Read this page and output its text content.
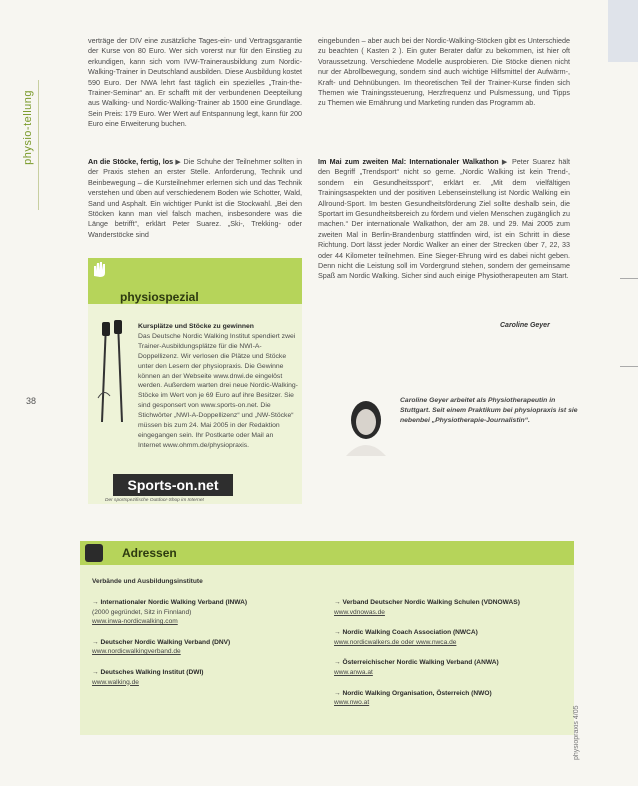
physio-tellung
38

verträge der DIV eine zusätzliche Tages-ein- und Vertragsgarantie der Kurse von 80 Euro. Wer sich vorerst nur für den Einstieg zu erkundigen, kann sich vom IVW-Trainerausbildung zum Nordic-Walking-Trainer in Deutschland ausbilden. Diese Ausbildung kostet 590 Euro. Der NWA lehrt fast täglich ein spezielles „Train-the-Trainer-Seminar“ an. Er schafft mit der verbundenen Deepteilung aus Walking- und Nordic-Walking-Trainer ab 1500 eine Grundlage. Sein Preis: 179 Euro. Wer Wert auf Entspannung legt, kann für 200 Euro eine Erweiterung buchen.

eingebunden – aber auch bei der Nordic-Walking-Stöcken gibt es Unterschiede zu beachten ( Kasten 2 ). Ein guter Berater dafür zu bekommen, ist hier oft Voraussetzung. Verschiedene Modelle ausprobieren. Die Stöcke dienen nicht nur der Abrollbewegung, sondern sind auch wichtige Hilfsmittel der Aufwärm-, Kraft- und Dehnübungen. Im theoretischen Teil der Trainer-Kurse finden sich Themen wie Trainingssteuerung, Herzfrequenz und Pulsmessung, und Tipps zu Themen wie Ernährung und Marketing runden das Programm ab.

An die Stöcke, fertig, los ▶ Die Schuhe der Teilnehmer sollten in der Praxis stehen an erster Stelle. Anforderung, Technik und Beinbewegung – die Kursteilnehmer erlernen sich und das Technik verstehen und üben auf verschiedenem Boden wie Schotter, Wald, Sand und Asphalt. Ein wichtiger Punkt ist die Stockwahl. „Bei den Stöcken kann man viel falsch machen, insbesondere was die Länge betrifft“, erklärt Peter Suarez. „Ski-, Trekking- oder Wanderstöcke sind

Im Mai zum zweiten Mal: Internationaler Walkathon ▶ Peter Suarez hält den Begriff „Trendsport“ nicht so gerne. „Nordic Walking ist kein Trend-, sondern ein Gesundheitssport“, erklärt er. „Mit dem vielfältigen Trainingsaspekten und der positiven Lebenseinstellung ist Nordic Walking ein Allround-Sport. Im besten Gesundheitsförderung Ziel sollte deshalb sein, die Sportart im Gesundheitsbereich zu fördern und vielen Menschen zugänglich zu machen.“ Der internationale Walkathon, der am 28. und 29. Mai 2005 zum zweiten Mal in Berlin-Brandenburg stattfinden wird, ist ein Schritt in diese Richtung. Dort lässt jeder Nordic Walker an einer der Strecken über 7, 22, 33 oder 44 Kilometer teilnehmen. Eine Sieger-Ehrung wird es dabei nicht geben. Denn nicht die Leistung soll im Vordergrund stehen, sondern der gemeinsame Spaß am Nordic Walking. Sicher sind auch einige Physiotherapeuten am Start.

Caroline Geyer
physiospezial
Kursplätze und Stöcke zu gewinnen
Das Deutsche Nordic Walking Institut spendiert zwei Trainer-Ausbildungsplätze für die NWI-A-Doppellizenz. Wir verlosen die Plätze und Stöcke unter den Lesern der physiopraxis. Die Gewinne können an der Webseite www.dnwi.de eingelöst werden. Außerdem warten drei neue Nordic-Walking-Stöcke im Wert von je 69 Euro auf ihre Besitzer. Sie sind gesponsert von www.sports-on.net. Die Stichwörter „NWI-A-Doppellizenz“ und „NW-Stöcke“ müssen bis zum 24. Mai 2005 in der Redaktion eingegangen sein. Ihr Postkarte oder Mail an Internet www.ohmm.de/physiopraxis.
Sports-on.net
Der sportspezifische Outdoor-Shop im Internet
Caroline Geyer arbeitet als Physiotherapeutin in Stuttgart. Seit einem Praktikum bei physiopraxis ist sie nebenbei „Physiotherapie-Journalistin“.
Adressen
Verbände und Ausbildungsinstitute
→ Internationaler Nordic Walking Verband (INWA)
(2000 gegründet, Sitz in Finnland)
www.inwa-nordicwalking.com
→ Deutscher Nordic Walking Verband (DNV)
www.nordicwalkingverband.de
→ Deutsches Walking Institut (DWI)
www.walking.de
→ Verband Deutscher Nordic Walking Schulen (VDNOWAS)
www.vdnowas.de
→ Nordic Walking Coach Association (NWCA)
www.nordicwalkers.de oder www.nwca.de
→ Österreichischer Nordic Walking Verband (ANWA)
www.anwa.at
→ Nordic Walking Organisation, Österreich (NWO)
www.nwo.at
physiopraxis 4/05
